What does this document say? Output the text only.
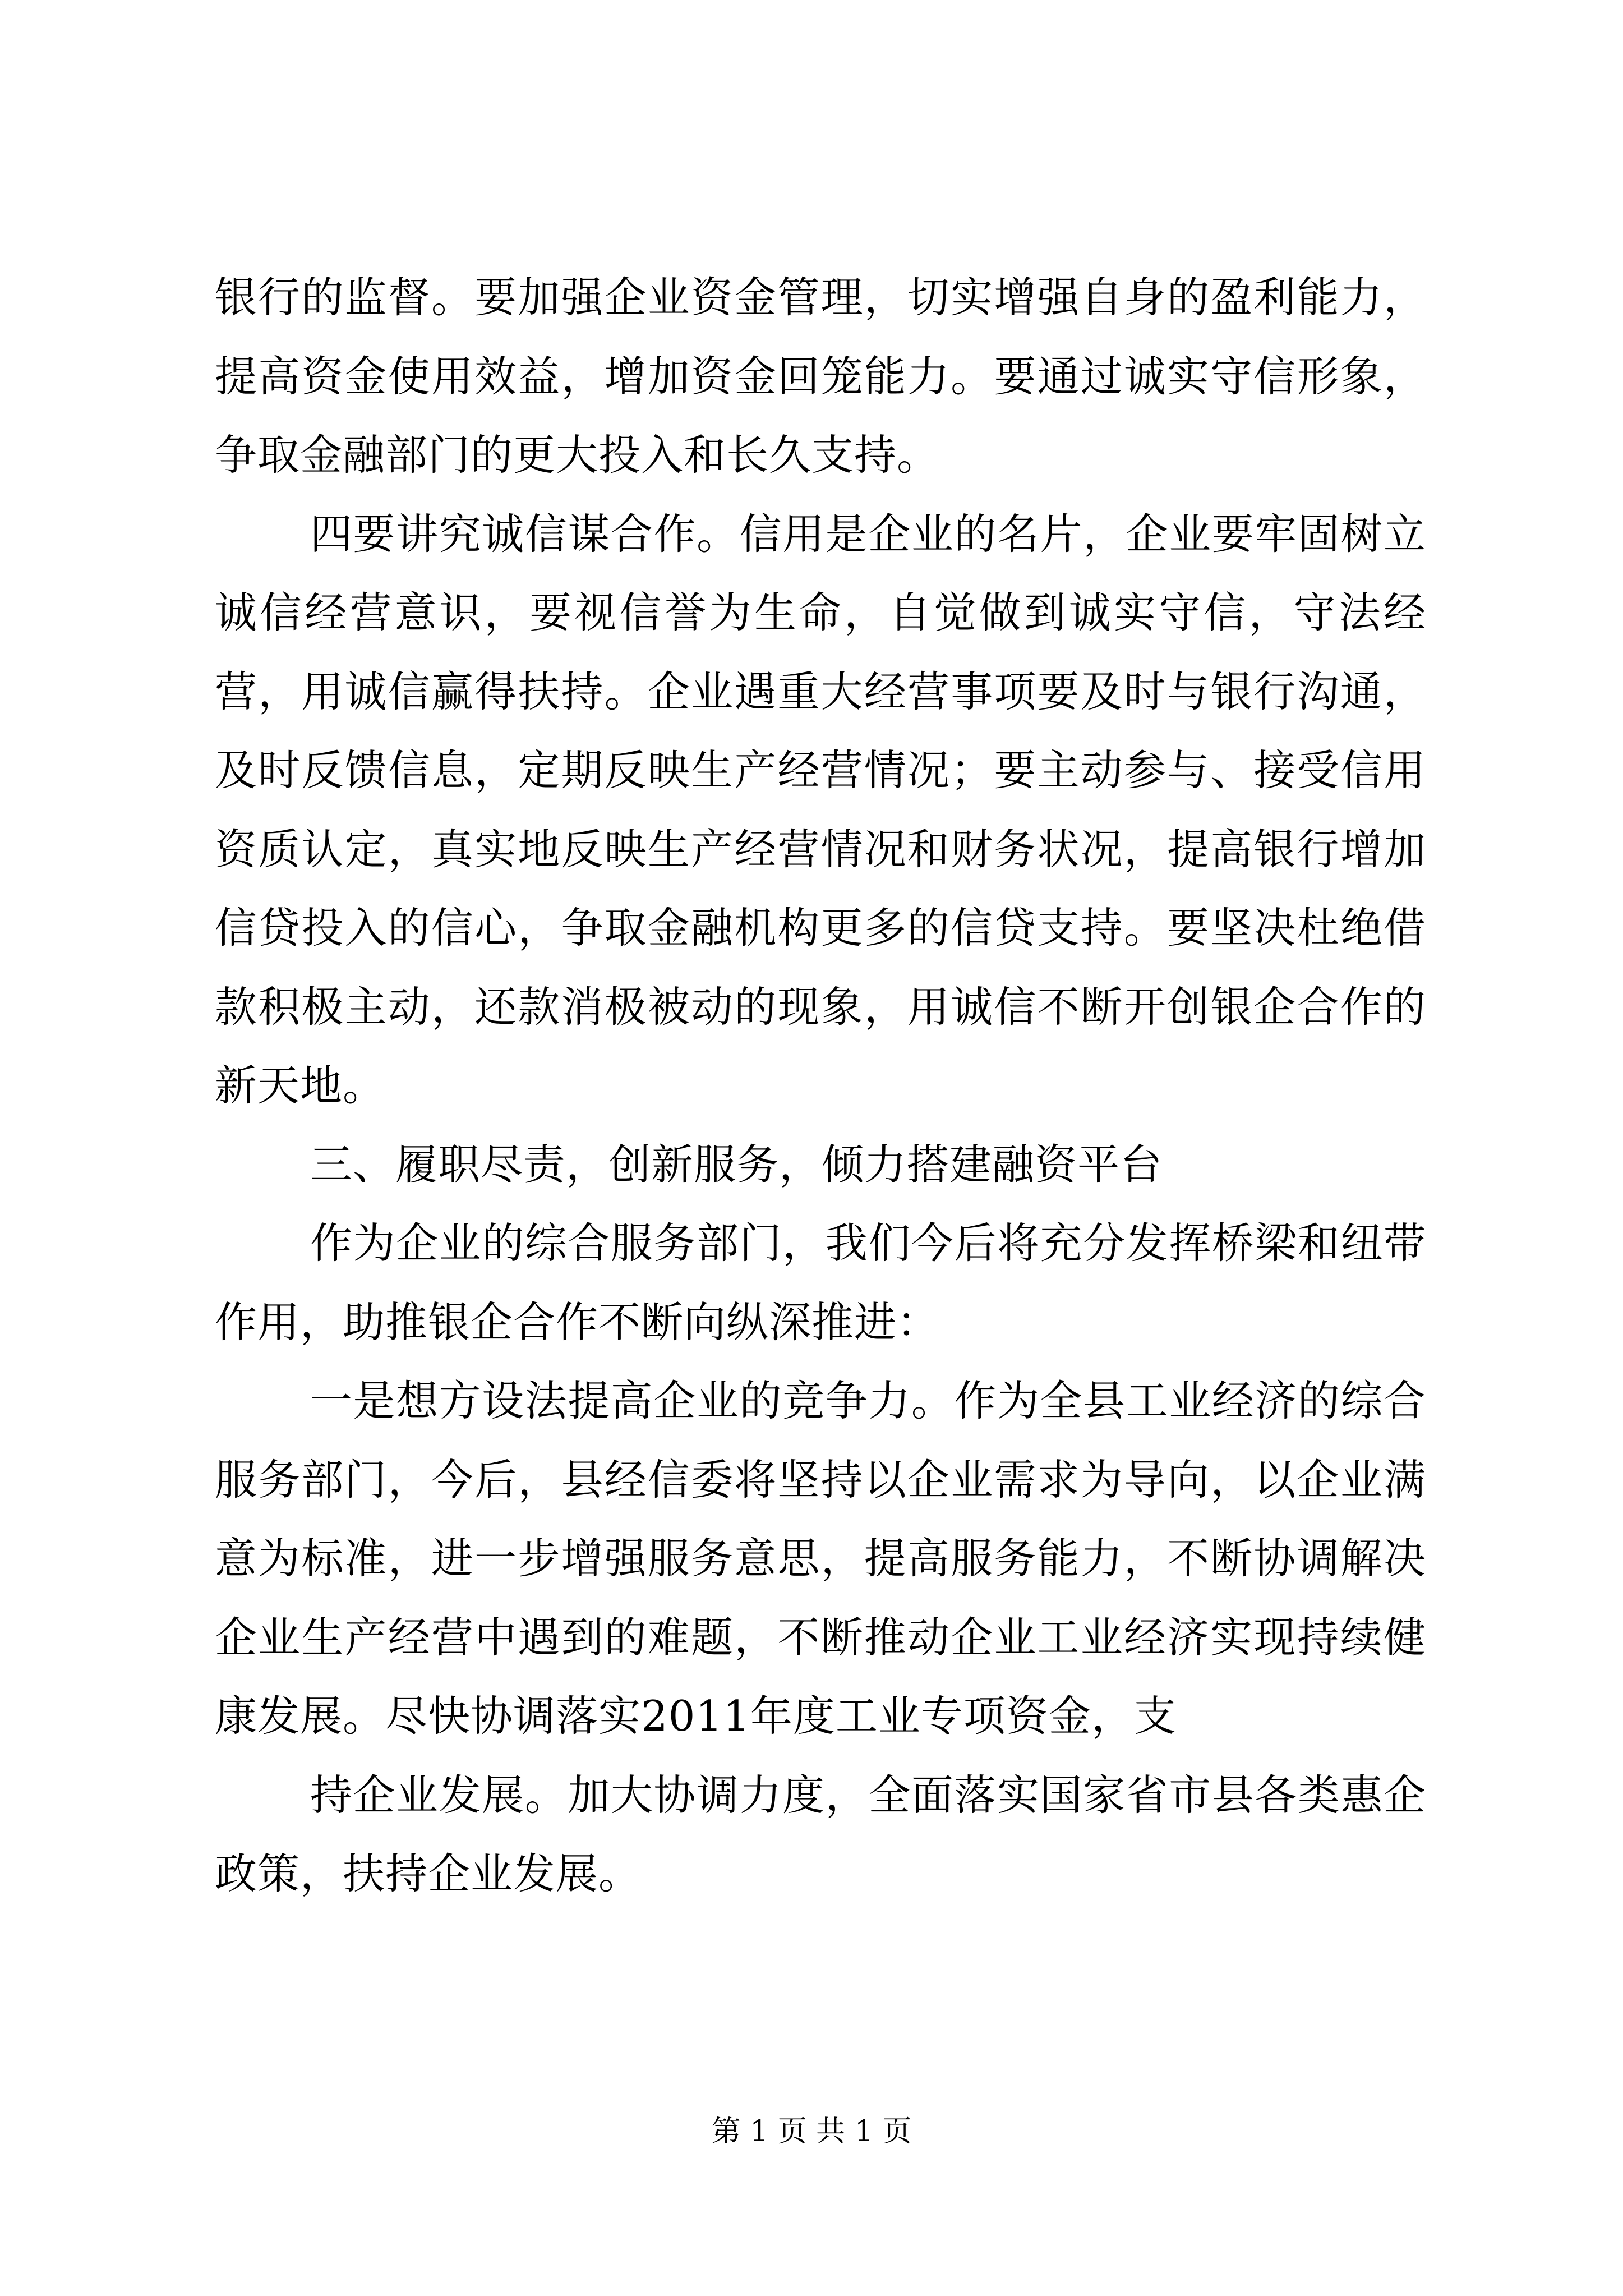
银行的监督。要加强企业资金管理，切实增强自身的盈利能力，提高资金使用效益，增加资金回笼能力。要通过诚实守信形象，争取金融部门的更大投入和长久支持。

四要讲究诚信谋合作。信用是企业的名片，企业要牢固树立诚信经营意识，要视信誉为生命，自觉做到诚实守信，守法经营，用诚信赢得扶持。企业遇重大经营事项要及时与银行沟通，及时反馈信息，定期反映生产经营情况；要主动参与、接受信用资质认定，真实地反映生产经营情况和财务状况，提高银行增加信贷投入的信心，争取金融机构更多的信贷支持。要坚决杜绝借款积极主动，还款消极被动的现象，用诚信不断开创银企合作的新天地。

三、履职尽责，创新服务，倾力搭建融资平台

作为企业的综合服务部门，我们今后将充分发挥桥梁和纽带作用，助推银企合作不断向纵深推进：

一是想方设法提高企业的竞争力。作为全县工业经济的综合服务部门，今后，县经信委将坚持以企业需求为导向，以企业满意为标准，进一步增强服务意思，提高服务能力，不断协调解决企业生产经营中遇到的难题，不断推动企业工业经济实现持续健康发展。尽快协调落实2011年度工业专项资金，支

持企业发展。加大协调力度，全面落实国家省市县各类惠企政策，扶持企业发展。

第 1 页 共 1 页
